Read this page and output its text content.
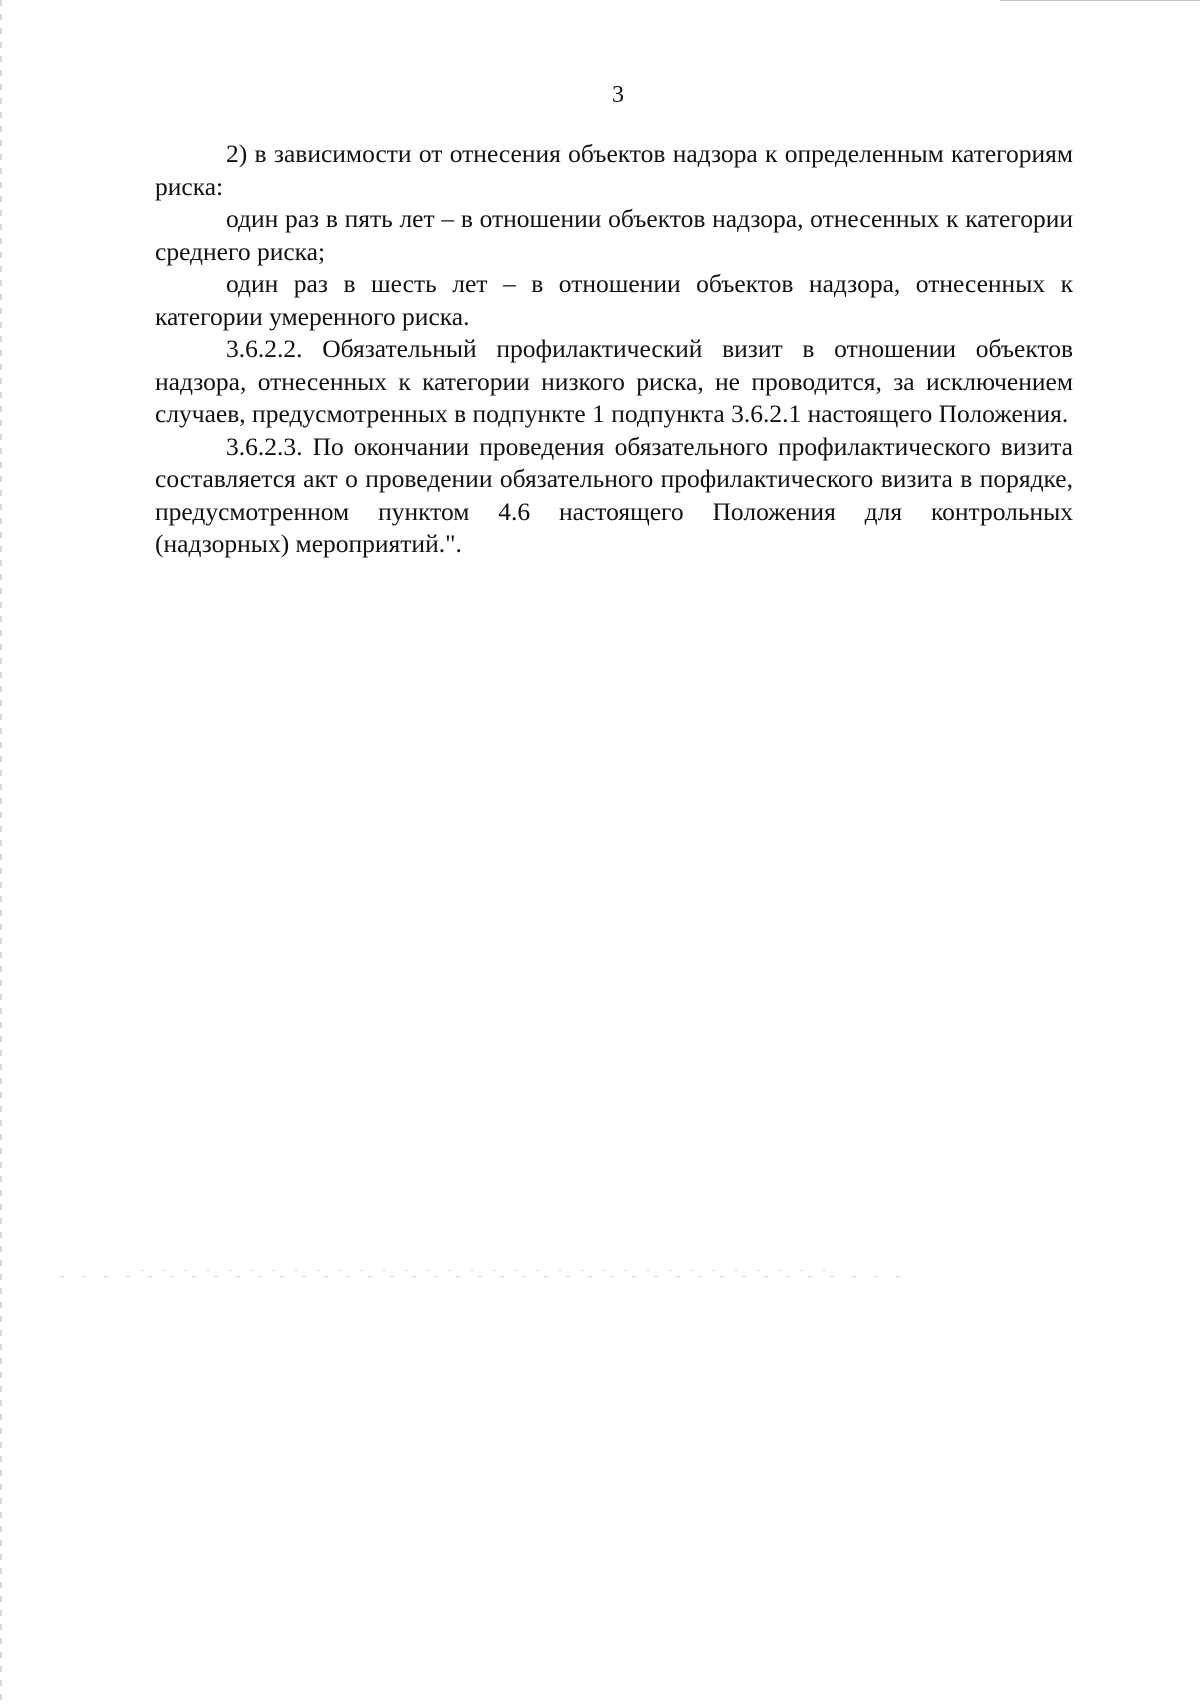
3

2) в зависимости от отнесения объектов надзора к определенным категориям риска:

один раз в пять лет – в отношении объектов надзора, отнесенных к категории среднего риска;

один раз в шесть лет – в отношении объектов надзора, отнесенных к категории умеренного риска.

3.6.2.2. Обязательный профилактический визит в отношении объектов надзора, отнесенных к категории низкого риска, не проводится, за исключением случаев, предусмотренных в подпункте 1 подпункта 3.6.2.1 настоящего Положения.

3.6.2.3. По окончании проведения обязательного профилактического визита составляется акт о проведении обязательного профилактического визита в порядке, предусмотренном пунктом 4.6 настоящего Положения для контрольных (надзорных) мероприятий.".
